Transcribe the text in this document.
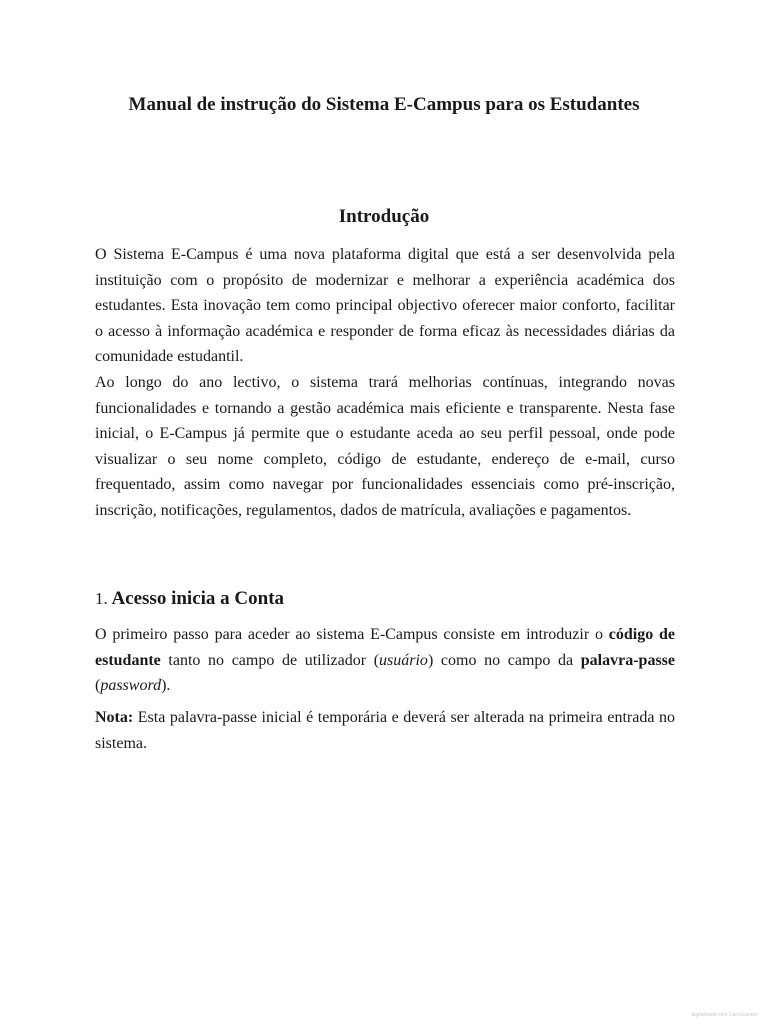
Manual de instrução do Sistema E-Campus para os Estudantes
Introdução

O Sistema E-Campus é uma nova plataforma digital que está a ser desenvolvida pela instituição com o propósito de modernizar e melhorar a experiência académica dos estudantes. Esta inovação tem como principal objectivo oferecer maior conforto, facilitar o acesso à informação académica e responder de forma eficaz às necessidades diárias da comunidade estudantil.

Ao longo do ano lectivo, o sistema trará melhorias contínuas, integrando novas funcionalidades e tornando a gestão académica mais eficiente e transparente. Nesta fase inicial, o E-Campus já permite que o estudante aceda ao seu perfil pessoal, onde pode visualizar o seu nome completo, código de estudante, endereço de e-mail, curso frequentado, assim como navegar por funcionalidades essenciais como pré-inscrição, inscrição, notificações, regulamentos, dados de matrícula, avaliações e pagamentos.

1. Acesso inicia a Conta

O primeiro passo para aceder ao sistema E-Campus consiste em introduzir o código de estudante tanto no campo de utilizador (usuário) como no campo da palavra-passe (password).

Nota: Esta palavra-passe inicial é temporária e deverá ser alterada na primeira entrada no sistema.

digitalizado com CamScanner
